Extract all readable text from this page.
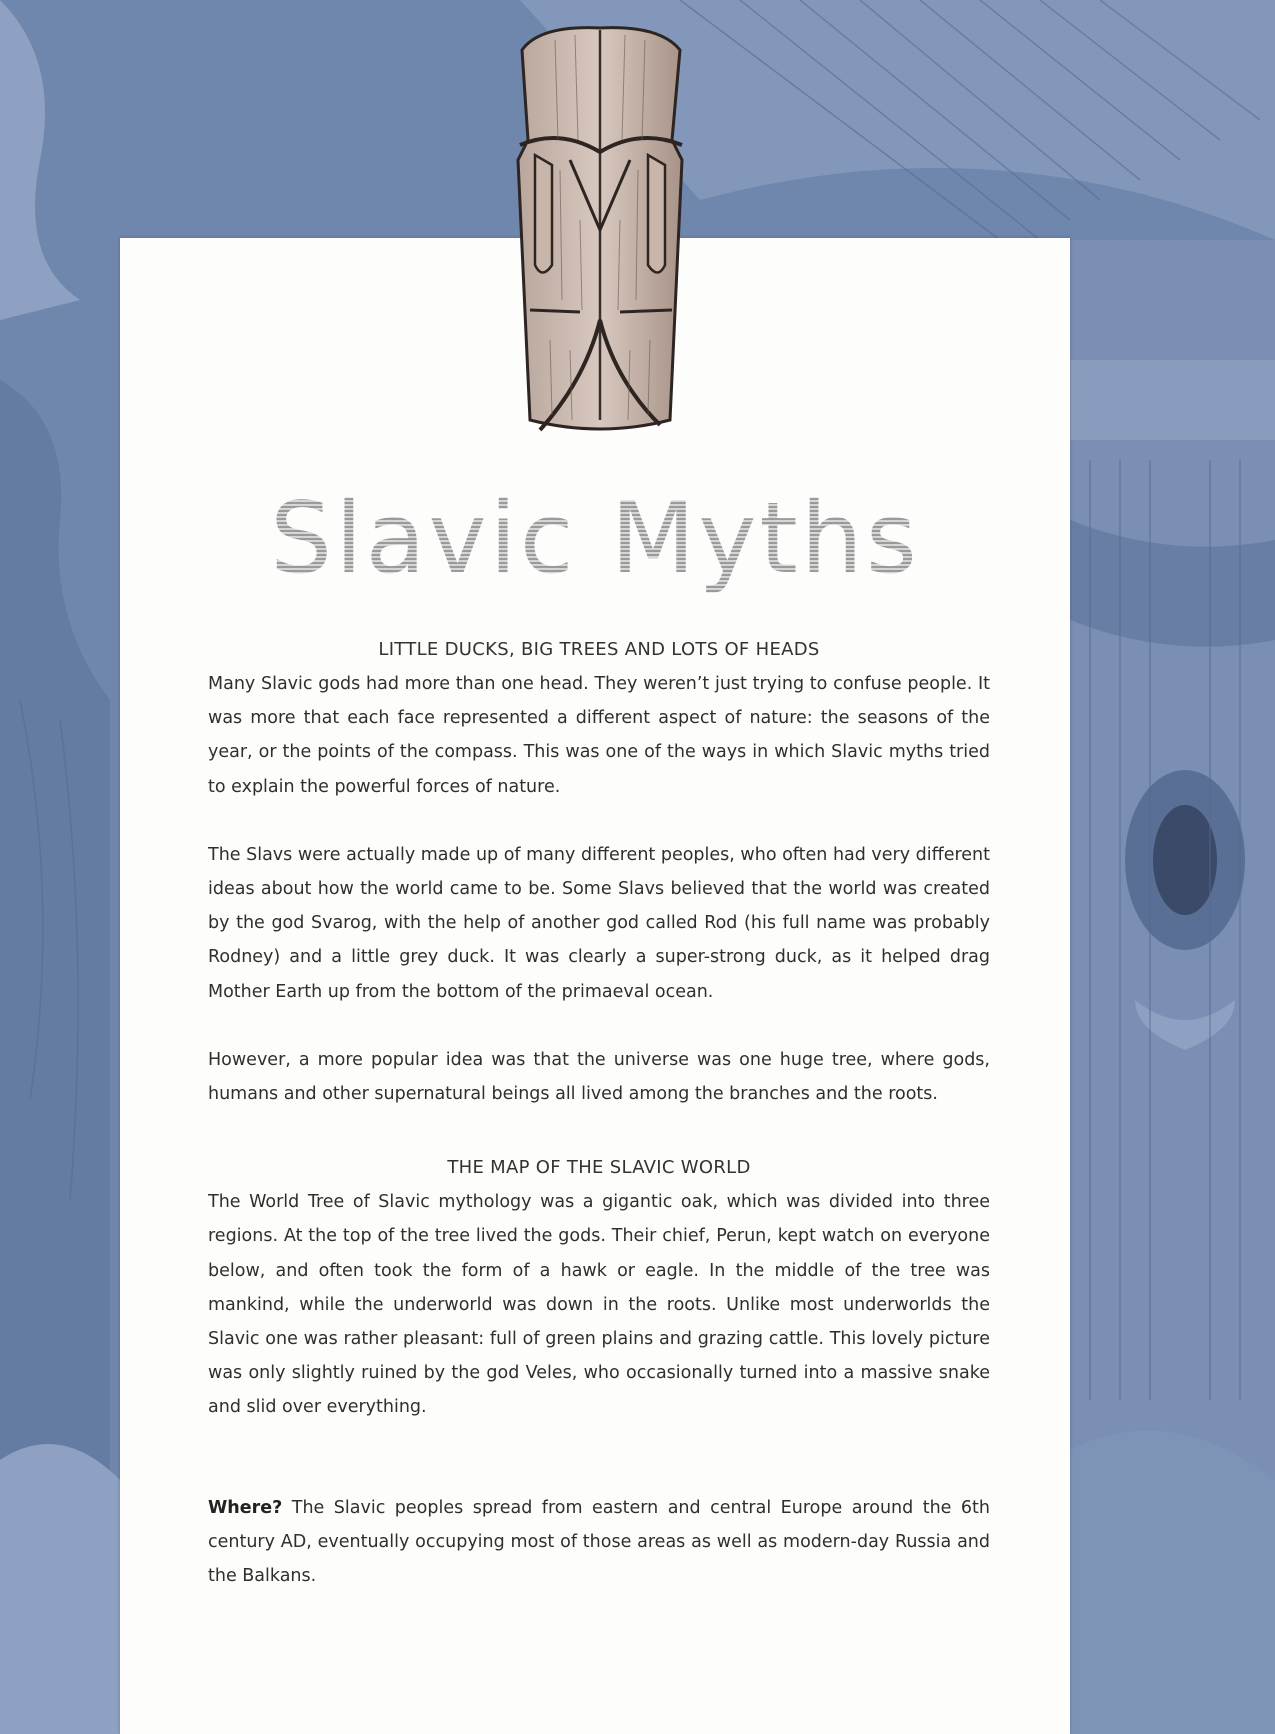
Slavic Myths

LITTLE DUCKS, BIG TREES AND LOTS OF HEADS

Many Slavic gods had more than one head. They weren’t just trying to confuse people. It was more that each face represented a different aspect of nature: the seasons of the year, or the points of the compass. This was one of the ways in which Slavic myths tried to explain the powerful forces of nature.

The Slavs were actually made up of many different peoples, who often had very different ideas about how the world came to be. Some Slavs believed that the world was created by the god Svarog, with the help of another god called Rod (his full name was probably Rodney) and a little grey duck. It was clearly a super-strong duck, as it helped drag Mother Earth up from the bottom of the primaeval ocean.

However, a more popular idea was that the universe was one huge tree, where gods, humans and other supernatural beings all lived among the branches and the roots.

THE MAP OF THE SLAVIC WORLD

The World Tree of Slavic mythology was a gigantic oak, which was divided into three regions. At the top of the tree lived the gods. Their chief, Perun, kept watch on everyone below, and often took the form of a hawk or eagle. In the middle of the tree was mankind, while the underworld was down in the roots. Unlike most underworlds the Slavic one was rather pleasant: full of green plains and grazing cattle. This lovely picture was only slightly ruined by the god Veles, who occasionally turned into a massive snake and slid over everything.

Where? The Slavic peoples spread from eastern and central Europe around the 6th century AD, eventually occupying most of those areas as well as modern-day Russia and the Balkans.
